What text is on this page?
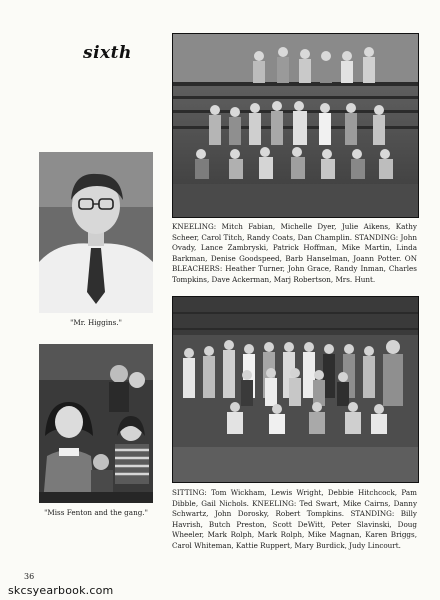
sixth
KNEELING: Mitch Fabian, Michelle Dyer, Julie Aikens, Kathy Scheer, Carol Titch, Randy Coats, Dan Champlin. STANDING: John Ovady, Lance Zambryski, Patrick Hoffman, Mike Martin, Linda Barkman, Denise Goodspeed, Barb Hanselman, Joann Potter. ON BLEACHERS: Heather Turner, John Grace, Randy Inman, Charles Tompkins, Dave Ackerman, Marj Robertson, Mrs. Hunt.
"Mr. Higgins."
"Miss Fenton and the gang."
SITTING: Tom Wickham, Lewis Wright, Debbie Hitchcock, Pam Dibble, Gail Nichols. KNEELING: Ted Swart, Mike Cairns, Danny Schwartz, John Dorosky, Robert Tompkins. STANDING: Billy Havrish, Butch Preston, Scott DeWitt, Peter Slavinski, Doug Wheeler, Mark Rolph, Mark Rolph, Mike Magnan, Karen Briggs, Carol Whiteman, Kattie Ruppert, Mary Burdick, Judy Lincourt.
36
skcsyearbook.com
